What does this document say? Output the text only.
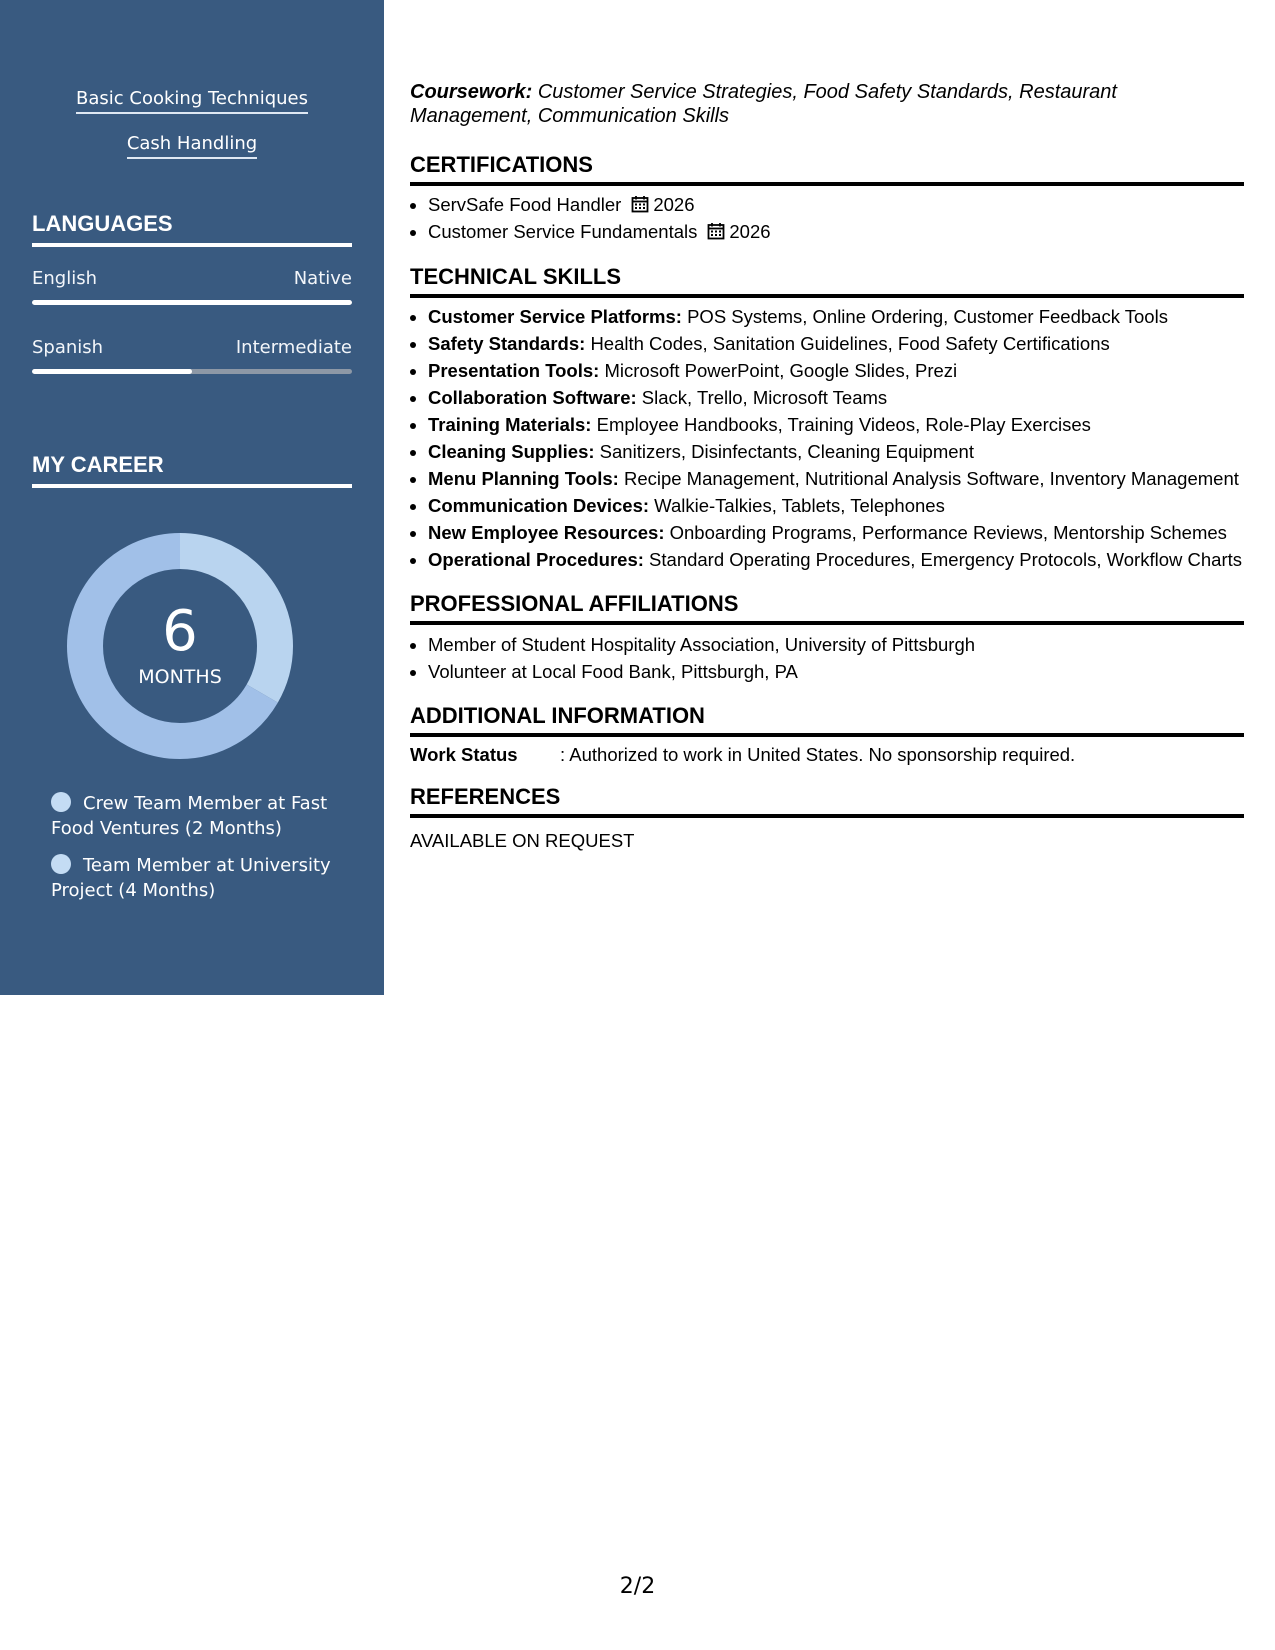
Basic Cooking Techniques
Cash Handling
LANGUAGES
English	Native
Spanish	Intermediate
MY CAREER
6
MONTHS
Crew Team Member at Fast Food Ventures (2 Months)
Team Member at University Project (4 Months)
Coursework: Customer Service Strategies, Food Safety Standards, Restaurant Management, Communication Skills
CERTIFICATIONS
• ServSafe Food Handler 2026
• Customer Service Fundamentals 2026
TECHNICAL SKILLS
• Customer Service Platforms: POS Systems, Online Ordering, Customer Feedback Tools
• Safety Standards: Health Codes, Sanitation Guidelines, Food Safety Certifications
• Presentation Tools: Microsoft PowerPoint, Google Slides, Prezi
• Collaboration Software: Slack, Trello, Microsoft Teams
• Training Materials: Employee Handbooks, Training Videos, Role-Play Exercises
• Cleaning Supplies: Sanitizers, Disinfectants, Cleaning Equipment
• Menu Planning Tools: Recipe Management, Nutritional Analysis Software, Inventory Management
• Communication Devices: Walkie-Talkies, Tablets, Telephones
• New Employee Resources: Onboarding Programs, Performance Reviews, Mentorship Schemes
• Operational Procedures: Standard Operating Procedures, Emergency Protocols, Workflow Charts
PROFESSIONAL AFFILIATIONS
• Member of Student Hospitality Association, University of Pittsburgh
• Volunteer at Local Food Bank, Pittsburgh, PA
ADDITIONAL INFORMATION
Work Status : Authorized to work in United States. No sponsorship required.
REFERENCES
AVAILABLE ON REQUEST
2/2
